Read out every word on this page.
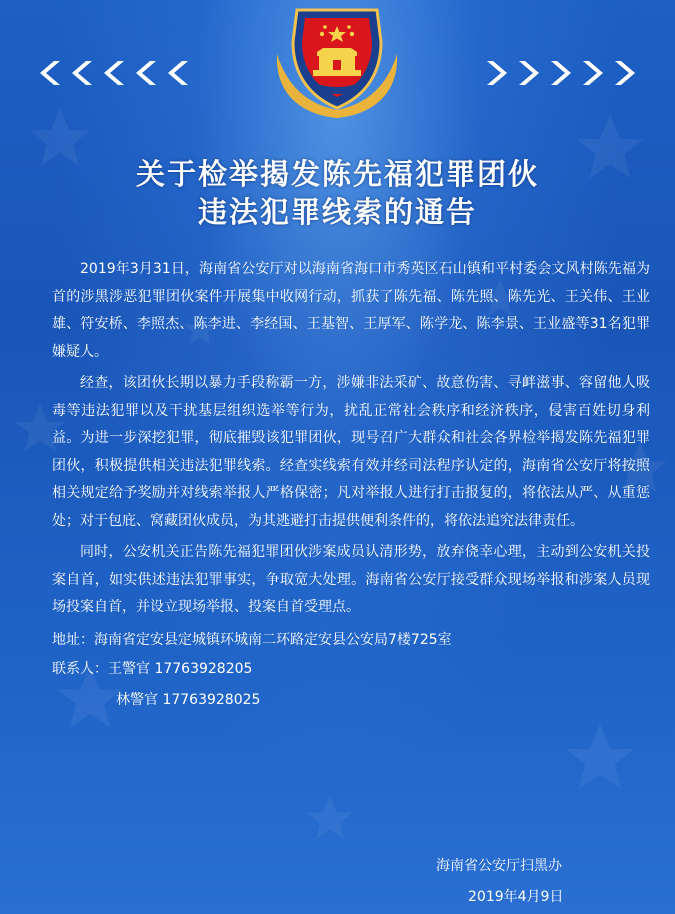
关于检举揭发陈先福犯罪团伙
违法犯罪线索的通告

2019年3月31日，海南省公安厅对以海南省海口市秀英区石山镇和平村委会文风村陈先福为首的涉黑涉恶犯罪团伙案件开展集中收网行动，抓获了陈先福、陈先照、陈先光、王关伟、王业雄、符安桥、李照杰、陈李进、李经国、王基智、王厚军、陈学龙、陈李景、王业盛等31名犯罪嫌疑人。

经查，该团伙长期以暴力手段称霸一方，涉嫌非法采矿、故意伤害、寻衅滋事、容留他人吸毒等违法犯罪以及干扰基层组织选举等行为，扰乱正常社会秩序和经济秩序，侵害百姓切身利益。为进一步深挖犯罪，彻底摧毁该犯罪团伙，现号召广大群众和社会各界检举揭发陈先福犯罪团伙，积极提供相关违法犯罪线索。经查实线索有效并经司法程序认定的，海南省公安厅将按照相关规定给予奖励并对线索举报人严格保密；凡对举报人进行打击报复的，将依法从严、从重惩处；对于包庇、窝藏团伙成员，为其逃避打击提供便利条件的，将依法追究法律责任。

同时，公安机关正告陈先福犯罪团伙涉案成员认清形势，放弃侥幸心理，主动到公安机关投案自首，如实供述违法犯罪事实，争取宽大处理。海南省公安厅接受群众现场举报和涉案人员现场投案自首，并设立现场举报、投案自首受理点。

地址：海南省定安县定城镇环城南二环路定安县公安局7楼725室

联系人：王警官 17763928205

林警官 17763928025

海南省公安厅扫黑办
2019年4月9日
